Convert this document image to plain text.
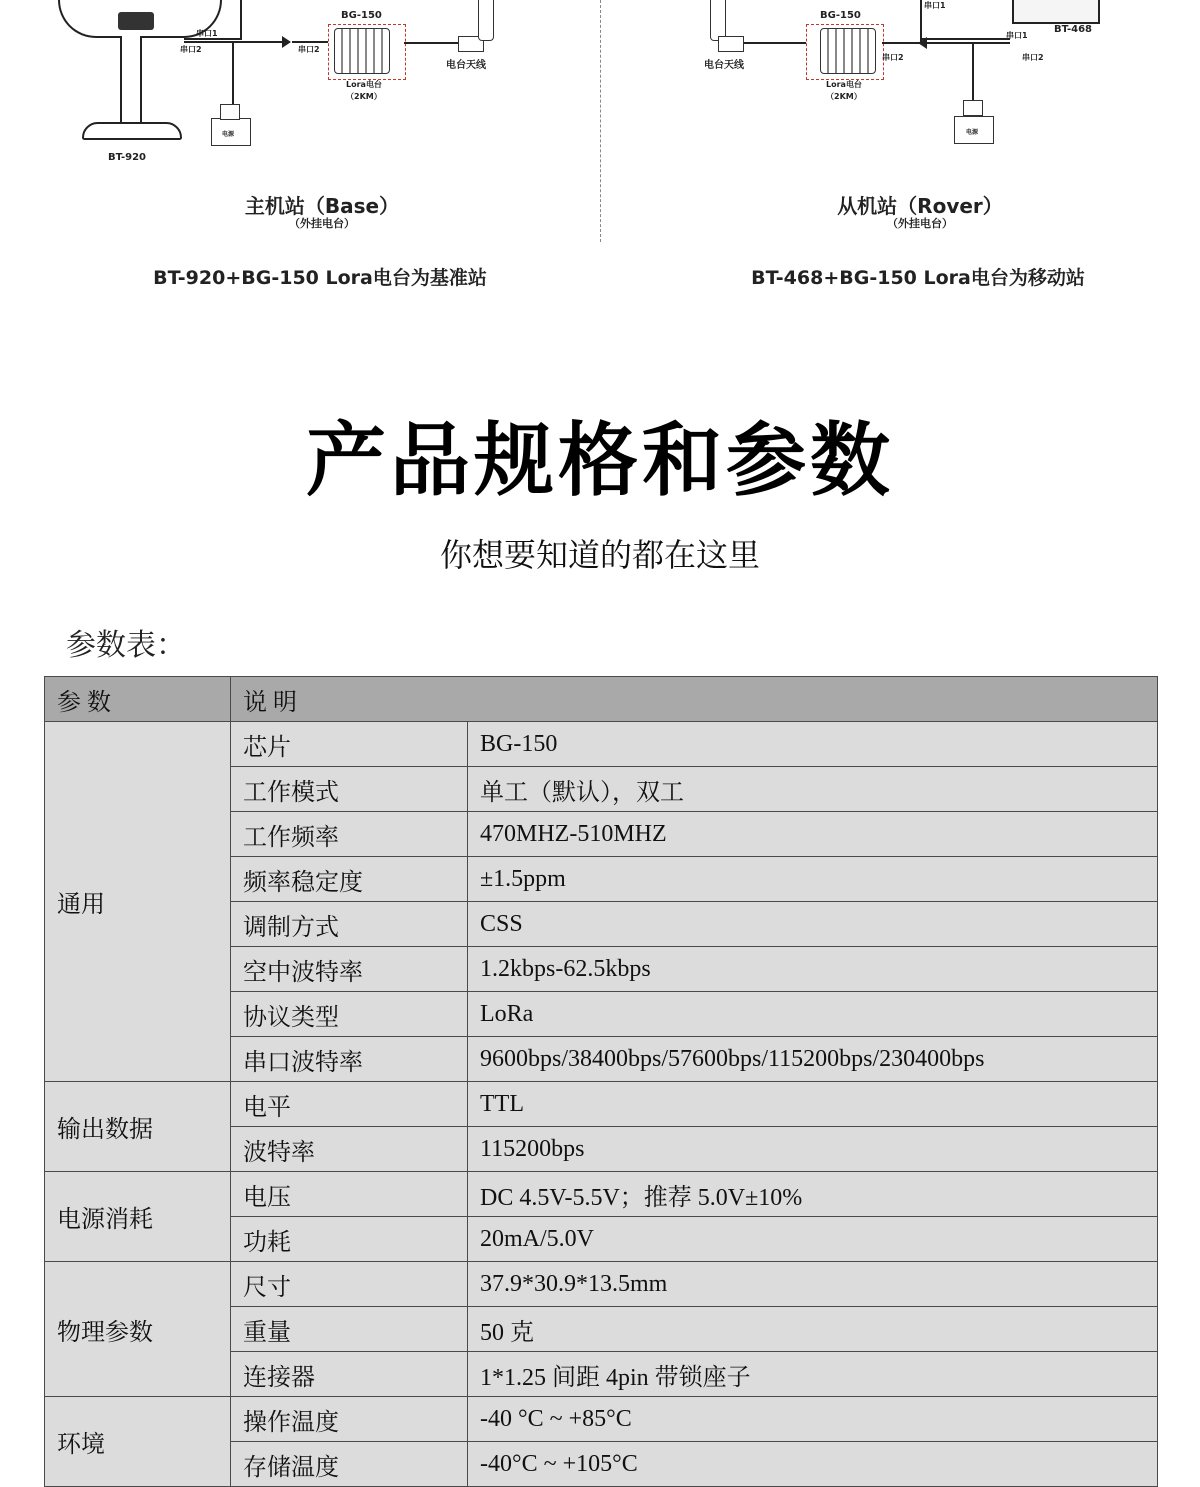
BT-920
串口1
串口2	串口2
电源
BG-150
Lora电台
（2KM）
电台天线
主机站（Base）
（外挂电台）
BT-920+BG-150 Lora电台为基准站
电台天线
BG-150
Lora电台
（2KM）
串口1
串口1
串口2	串口2
BT-468
电源
从机站（Rover）
（外挂电台）
BT-468+BG-150 Lora电台为移动站
产品规格和参数
你想要知道的都在这里
参数表：
参 数	说 明	
通用	芯片	BG-150
	工作模式	单工（默认），双工
	工作频率	470MHZ-510MHZ
	频率稳定度	±1.5ppm
	调制方式	CSS
	空中波特率	1.2kbps-62.5kbps
	协议类型	LoRa
	串口波特率	9600bps/38400bps/57600bps/115200bps/230400bps
输出数据	电平	TTL
	波特率	115200bps
电源消耗	电压	DC 4.5V-5.5V；推荐 5.0V±10%
	功耗	20mA/5.0V
物理参数	尺寸	37.9*30.9*13.5mm
	重量	50 克
	连接器	1*1.25 间距 4pin 带锁座子
环境	操作温度	-40 °C ~ +85°C
	存储温度	-40°C ~ +105°C
